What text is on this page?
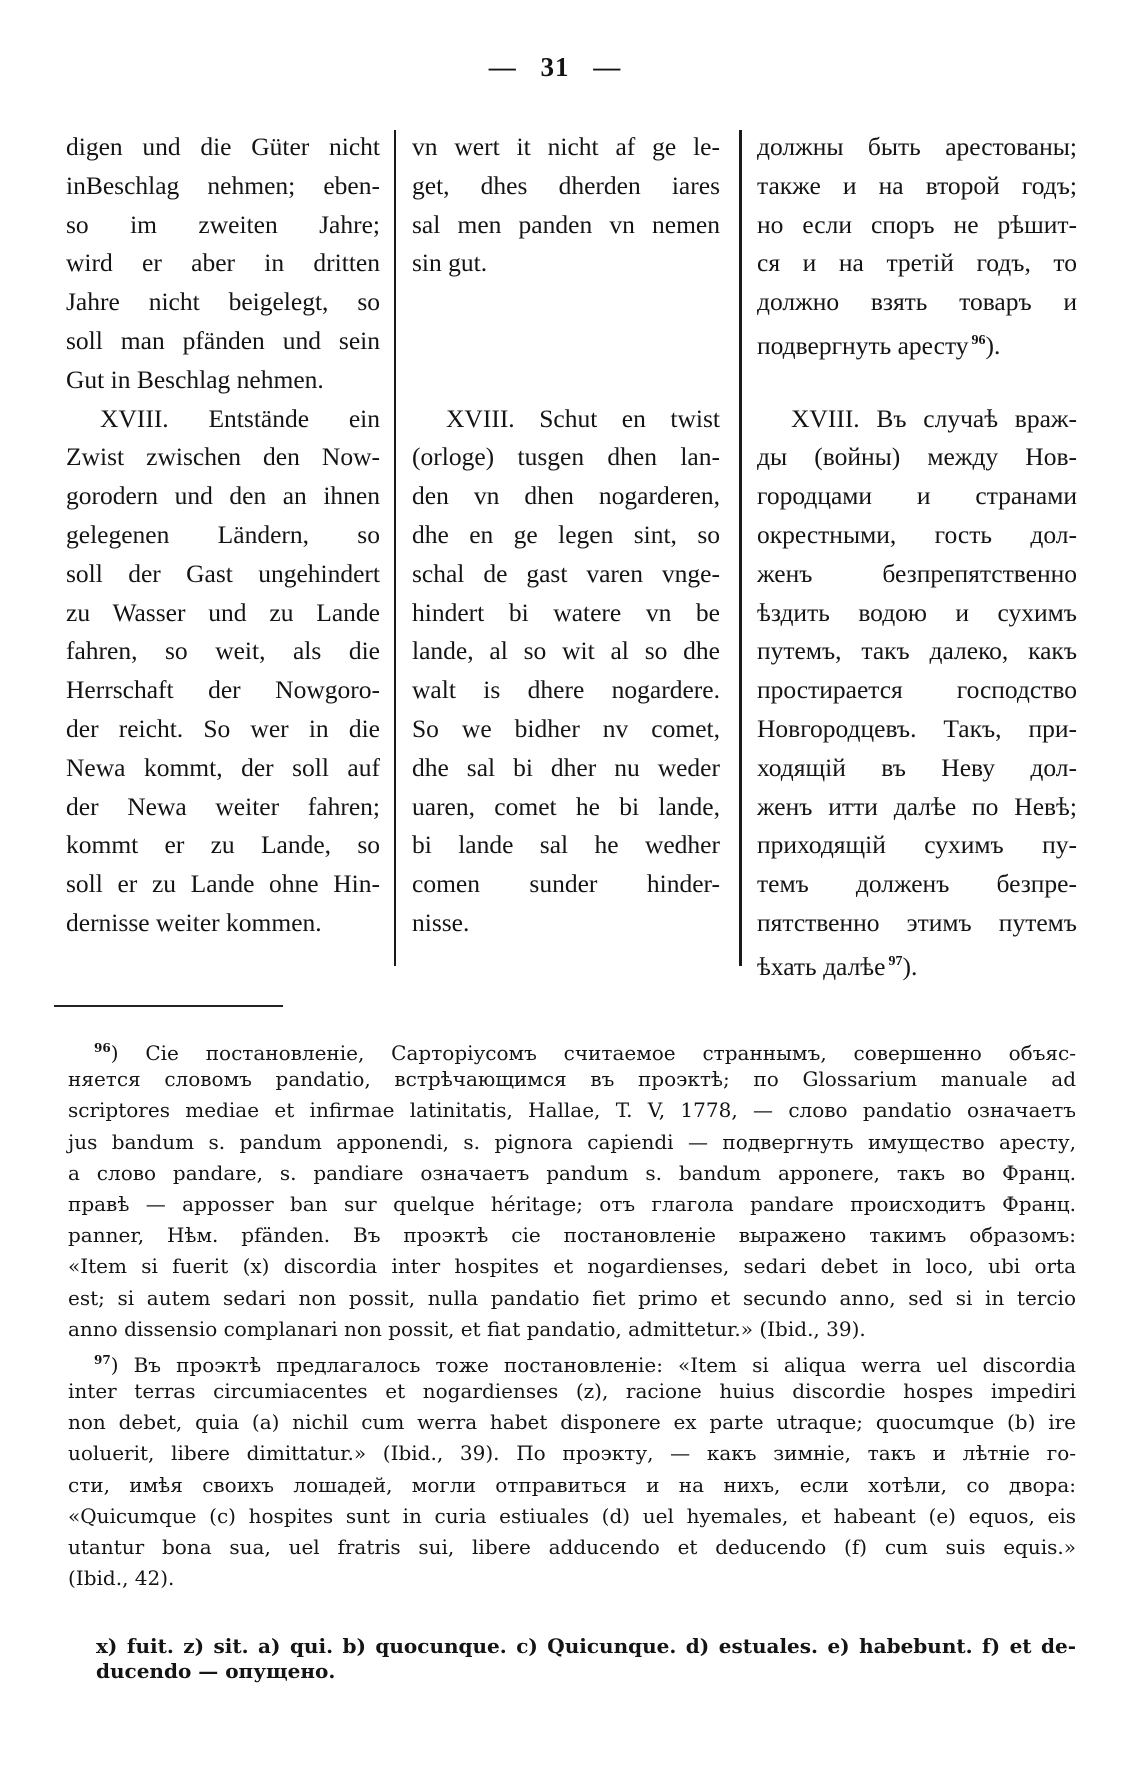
— 31 —
digen und die Güter nicht
inBeschlag nehmen; eben-
so im zweiten Jahre;
wird er aber in dritten
Jahre nicht beigelegt, so
soll man pfänden und sein
Gut in Beschlag nehmen.
XVIII. Entstände ein
Zwist zwischen den Now-
gorodern und den an ihnen
gelegenen Ländern, so
soll der Gast ungehindert
zu Wasser und zu Lande
fahren, so weit, als die
Herrschaft der Nowgoro-
der reicht. So wer in die
Newa kommt, der soll auf
der Newa weiter fahren;
kommt er zu Lande, so
soll er zu Lande ohne Hin-
dernisse weiter kommen.
vn wert it nicht af ge le-
get, dhes dherden iares
sal men panden vn nemen
sin gut.
XVIII. Schut en twist
(orloge) tusgen dhen lan-
den vn dhen nogarderen,
dhe en ge legen sint, so
schal de gast varen vnge-
hindert bi watere vn be
lande, al so wit al so dhe
walt is dhere nogardere.
So we bidher nv comet,
dhe sal bi dher nu weder
uaren, comet he bi lande,
bi lande sal he wedher
comen sunder hinder-
nisse.
должны быть арестованы;
также и на второй годъ;
но если споръ не рѣшит-
ся и на третій годъ, то
должно взять товаръ и
подвергнуть аресту $^{96}$).
XVIII. Въ случаѣ враж-
ды (войны) между Нов-
городцами и странами
окрестными, гость дол-
женъ безпрепятственно
ѣздить водою и сухимъ
путемъ, такъ далеко, какъ
простирается господство
Новгородцевъ. Такъ, при-
ходящій въ Неву дол-
женъ итти далѣе по Невѣ;
приходящій сухимъ пу-
темъ долженъ безпре-
пятственно этимъ путемъ
ѣхать далѣе $^{97}$).
$^{96}$) Сіе постановленіе, Сарторіусомъ считаемое страннымъ, совершенно объяс-
няется словомъ pandatio, встрѣчающимся въ проэктѣ; по Glossarium manuale ad
scriptores mediae et infirmae latinitatis, Hallae, T. V, 1778, — слово pandatio означаетъ
jus bandum s. pandum apponendi, s. pignora capiendi — подвергнуть имущество аресту,
а слово pandare, s. pandiare означаетъ pandum s. bandum apponere, такъ во Франц.
правѣ — apposser ban sur quelque héritage; отъ глагола pandare происходитъ Франц.
panner, Нѣм. pfänden. Въ проэктѣ сіе постановленіе выражено такимъ образомъ:
«Item si fuerit (x) discordia inter hospites et nogardienses, sedari debet in loco, ubi orta
est; si autem sedari non possit, nulla pandatio fiet primo et secundo anno, sed si in tercio
anno dissensio complanari non possit, et fiat pandatio, admittetur.» (Ibid., 39).
$^{97}$) Въ проэктѣ предлагалось тоже постановленіе: «Item si aliqua werra uel discordia
inter terras circumiacentes et nogardienses (z), racione huius discordie hospes impediri
non debet, quia (a) nichil cum werra habet disponere ex parte utraque; quocumque (b) ire
uoluerit, libere dimittatur.» (Ibid., 39). По проэкту, — какъ зимніе, такъ и лѣтніе го-
сти, имѣя своихъ лошадей, могли отправиться и на нихъ, если хотѣли, со двора:
«Quicumque (c) hospites sunt in curia estiuales (d) uel hyemales, et habeant (e) equos, eis
utantur bona sua, uel fratris sui, libere adducendo et deducendo (f) cum suis equis.»
(Ibid., 42).
x) fuit. z) sit. a) qui. b) quocunque. c) Quicunque. d) estuales. e) habebunt. f) et de-
ducendo — опущено.
